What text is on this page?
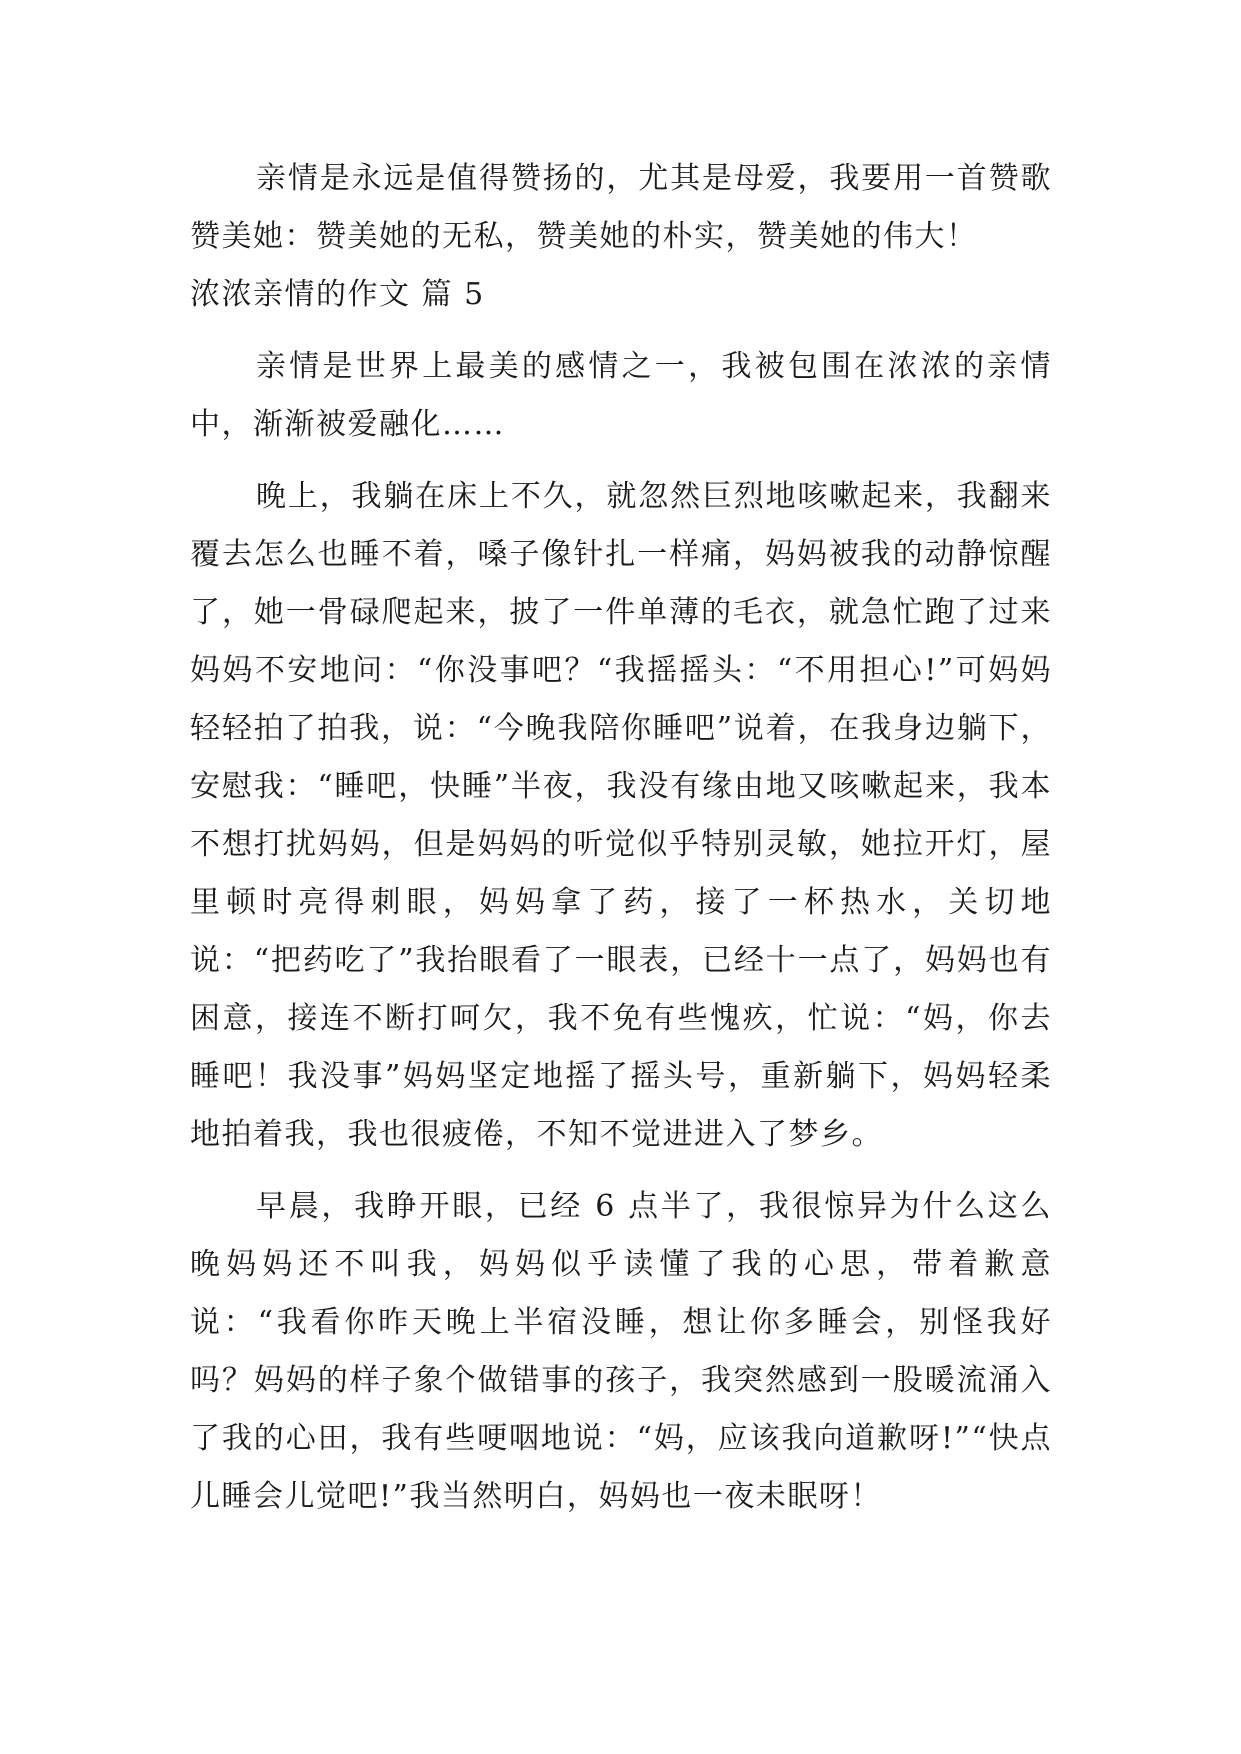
亲情是永远是值得赞扬的，尤其是母爱，我要用一首赞歌赞美她：赞美她的无私，赞美她的朴实，赞美她的伟大！

浓浓亲情的作文 篇 5

亲情是世界上最美的感情之一，我被包围在浓浓的亲情中，渐渐被爱融化……

晚上，我躺在床上不久，就忽然巨烈地咳嗽起来，我翻来覆去怎么也睡不着，嗓子像针扎一样痛，妈妈被我的动静惊醒了，她一骨碌爬起来，披了一件单薄的毛衣，就急忙跑了过来妈妈不安地问：“你没事吧？“我摇摇头：“不用担心!”可妈妈轻轻拍了拍我，说：“今晚我陪你睡吧”说着，在我身边躺下，安慰我：“睡吧，快睡”半夜，我没有缘由地又咳嗽起来，我本不想打扰妈妈，但是妈妈的听觉似乎特别灵敏，她拉开灯，屋里顿时亮得刺眼，妈妈拿了药，接了一杯热水，关切地说：“把药吃了”我抬眼看了一眼表，已经十一点了，妈妈也有困意，接连不断打呵欠，我不免有些愧疚，忙说：“妈，你去睡吧！我没事”妈妈坚定地摇了摇头号，重新躺下，妈妈轻柔地拍着我，我也很疲倦，不知不觉进进入了梦乡。

早晨，我睁开眼，已经 6 点半了，我很惊异为什么这么晚妈妈还不叫我，妈妈似乎读懂了我的心思，带着歉意说：“我看你昨天晚上半宿没睡，想让你多睡会，别怪我好吗？妈妈的样子象个做错事的孩子，我突然感到一股暖流涌入了我的心田，我有些哽咽地说：“妈，应该我向道歉呀!”“快点儿睡会儿觉吧!”我当然明白，妈妈也一夜未眠呀！
